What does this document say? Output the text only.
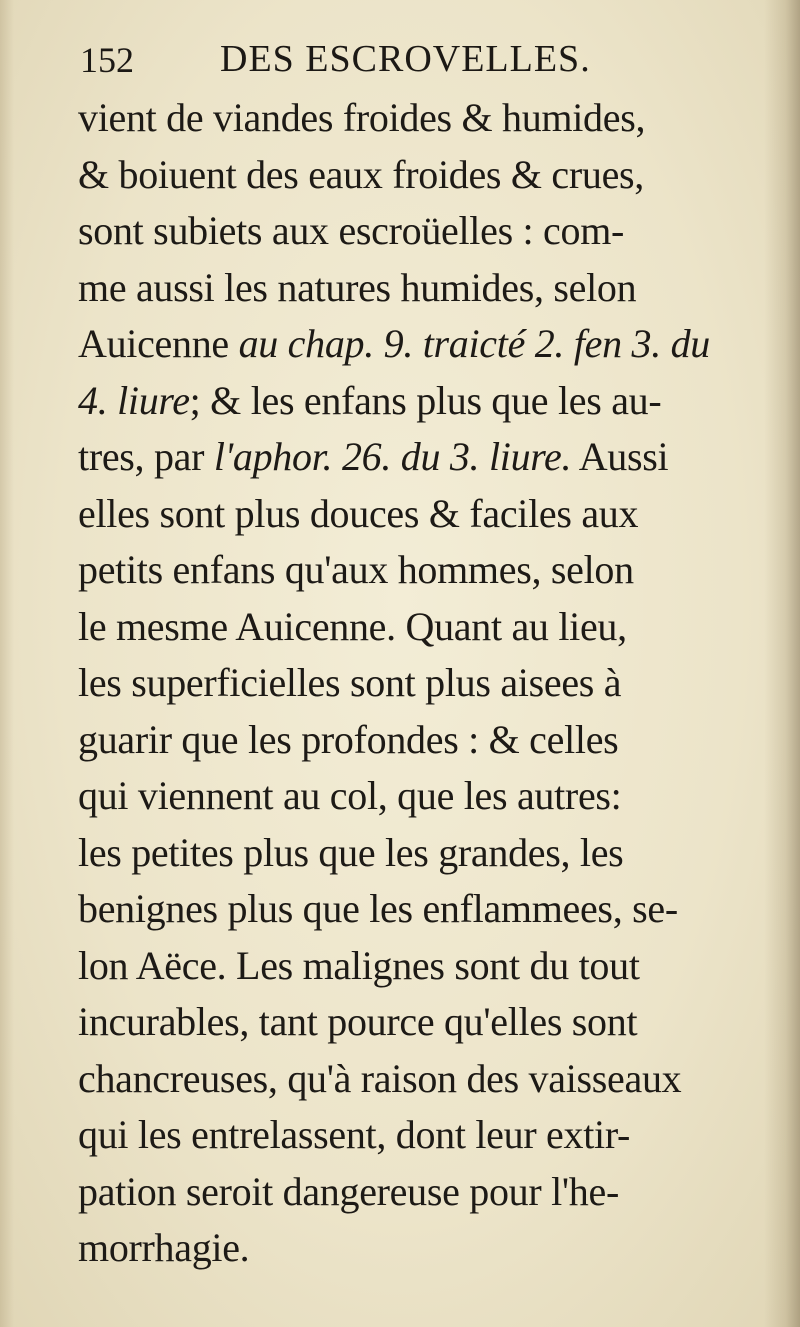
152 DES ESCROVELLES.
vient de viandes froides & humides,
& boiuent des eaux froides & crues,
sont subiets aux escroüelles : com-
me aussi les natures humides, selon
Auicenne au chap. 9. traicté 2. fen 3. du
4. liure; & les enfans plus que les au-
tres, par l'aphor. 26. du 3. liure. Aussi
elles sont plus douces & faciles aux
petits enfans qu'aux hommes, selon
le mesme Auicenne. Quant au lieu,
les superficielles sont plus aisees à
guarir que les profondes : & celles
qui viennent au col, que les autres:
les petites plus que les grandes, les
benignes plus que les enflammees, se-
lon Aëce. Les malignes sont du tout
incurables, tant pource qu'elles sont
chancreuses, qu'à raison des vaisseaux
qui les entrelassent, dont leur extir-
pation seroit dangereuse pour l'he-
morrhagie.
